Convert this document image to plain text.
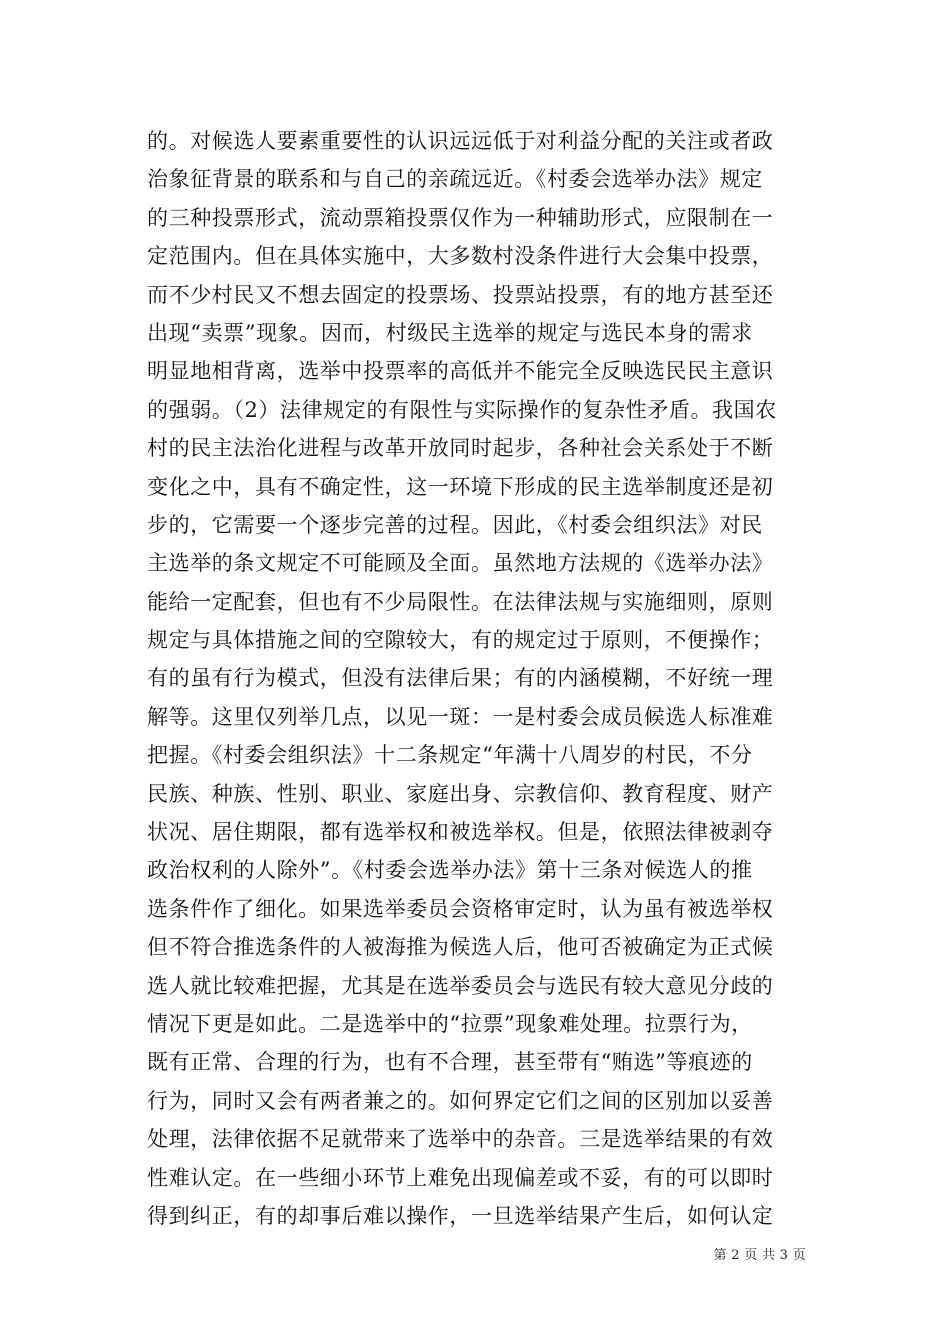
的。对候选人要素重要性的认识远远低于对利益分配的关注或者政
治象征背景的联系和与自己的亲疏远近。《村委会选举办法》规定
的三种投票形式，流动票箱投票仅作为一种辅助形式，应限制在一
定范围内。但在具体实施中，大多数村没条件进行大会集中投票，
而不少村民又不想去固定的投票场、投票站投票，有的地方甚至还
出现“卖票”现象。因而，村级民主选举的规定与选民本身的需求
明显地相背离，选举中投票率的高低并不能完全反映选民民主意识
的强弱。（2）法律规定的有限性与实际操作的复杂性矛盾。我国农
村的民主法治化进程与改革开放同时起步，各种社会关系处于不断
变化之中，具有不确定性，这一环境下形成的民主选举制度还是初
步的，它需要一个逐步完善的过程。因此，《村委会组织法》对民
主选举的条文规定不可能顾及全面。虽然地方法规的《选举办法》
能给一定配套，但也有不少局限性。在法律法规与实施细则，原则
规定与具体措施之间的空隙较大，有的规定过于原则，不便操作；
有的虽有行为模式，但没有法律后果；有的内涵模糊，不好统一理
解等。这里仅列举几点，以见一斑：一是村委会成员候选人标准难
把握。《村委会组织法》十二条规定“年满十八周岁的村民，不分
民族、种族、性别、职业、家庭出身、宗教信仰、教育程度、财产
状况、居住期限，都有选举权和被选举权。但是，依照法律被剥夺
政治权利的人除外”。《村委会选举办法》第十三条对候选人的推
选条件作了细化。如果选举委员会资格审定时，认为虽有被选举权
但不符合推选条件的人被海推为候选人后，他可否被确定为正式候
选人就比较难把握，尤其是在选举委员会与选民有较大意见分歧的
情况下更是如此。二是选举中的“拉票”现象难处理。拉票行为，
既有正常、合理的行为，也有不合理，甚至带有“贿选”等痕迹的
行为，同时又会有两者兼之的。如何界定它们之间的区别加以妥善
处理，法律依据不足就带来了选举中的杂音。三是选举结果的有效
性难认定。在一些细小环节上难免出现偏差或不妥，有的可以即时
得到纠正，有的却事后难以操作，一旦选举结果产生后，如何认定
第 2 页 共 3 页
